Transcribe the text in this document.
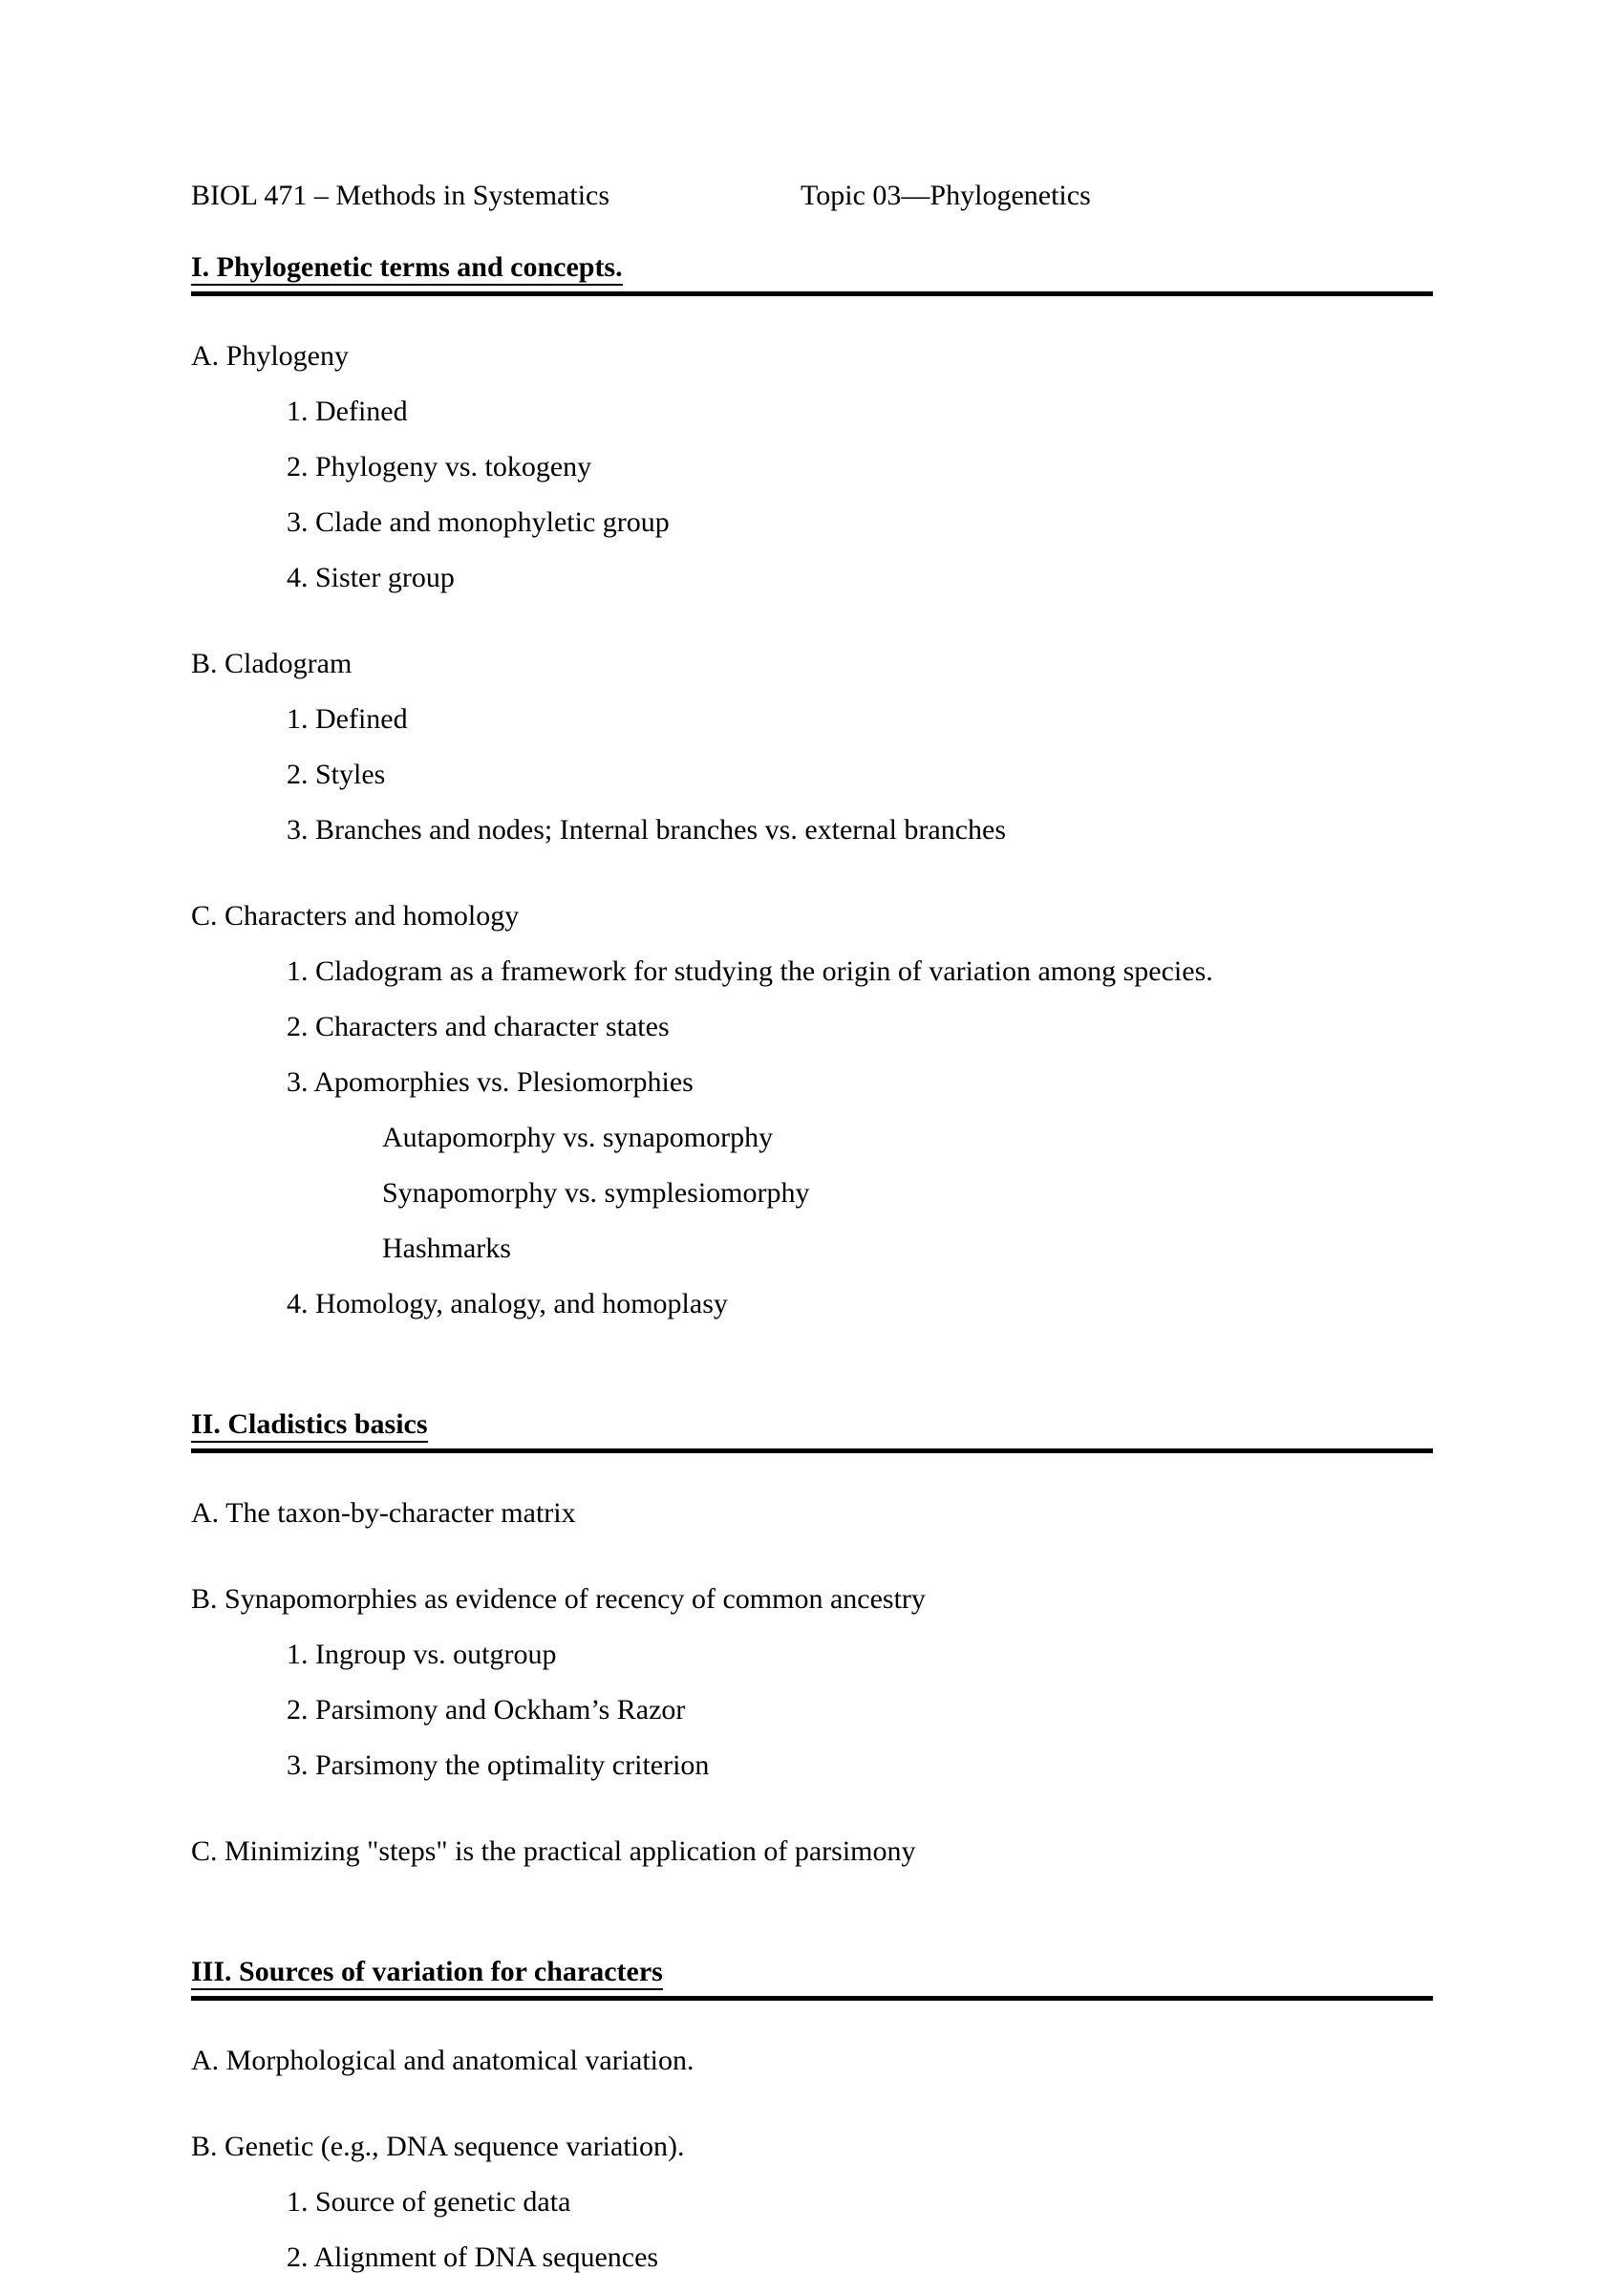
BIOL 471 – Methods in Systematics	Topic 03—Phylogenetics
I. Phylogenetic terms and concepts.
A. Phylogeny
1. Defined
2. Phylogeny vs. tokogeny
3. Clade and monophyletic group
4. Sister group
B. Cladogram
1. Defined
2. Styles
3. Branches and nodes; Internal branches vs. external branches
C. Characters and homology
1. Cladogram as a framework for studying the origin of variation among species.
2. Characters and character states
3. Apomorphies vs. Plesiomorphies
Autapomorphy vs. synapomorphy
Synapomorphy vs. symplesiomorphy
Hashmarks
4. Homology, analogy, and homoplasy
II. Cladistics basics
A. The taxon-by-character matrix
B. Synapomorphies as evidence of recency of common ancestry
1. Ingroup vs. outgroup
2. Parsimony and Ockham’s Razor
3. Parsimony the optimality criterion
C. Minimizing "steps" is the practical application of parsimony
III. Sources of variation for characters
A. Morphological and anatomical variation.
B. Genetic (e.g., DNA sequence variation).
1. Source of genetic data
2. Alignment of DNA sequences
